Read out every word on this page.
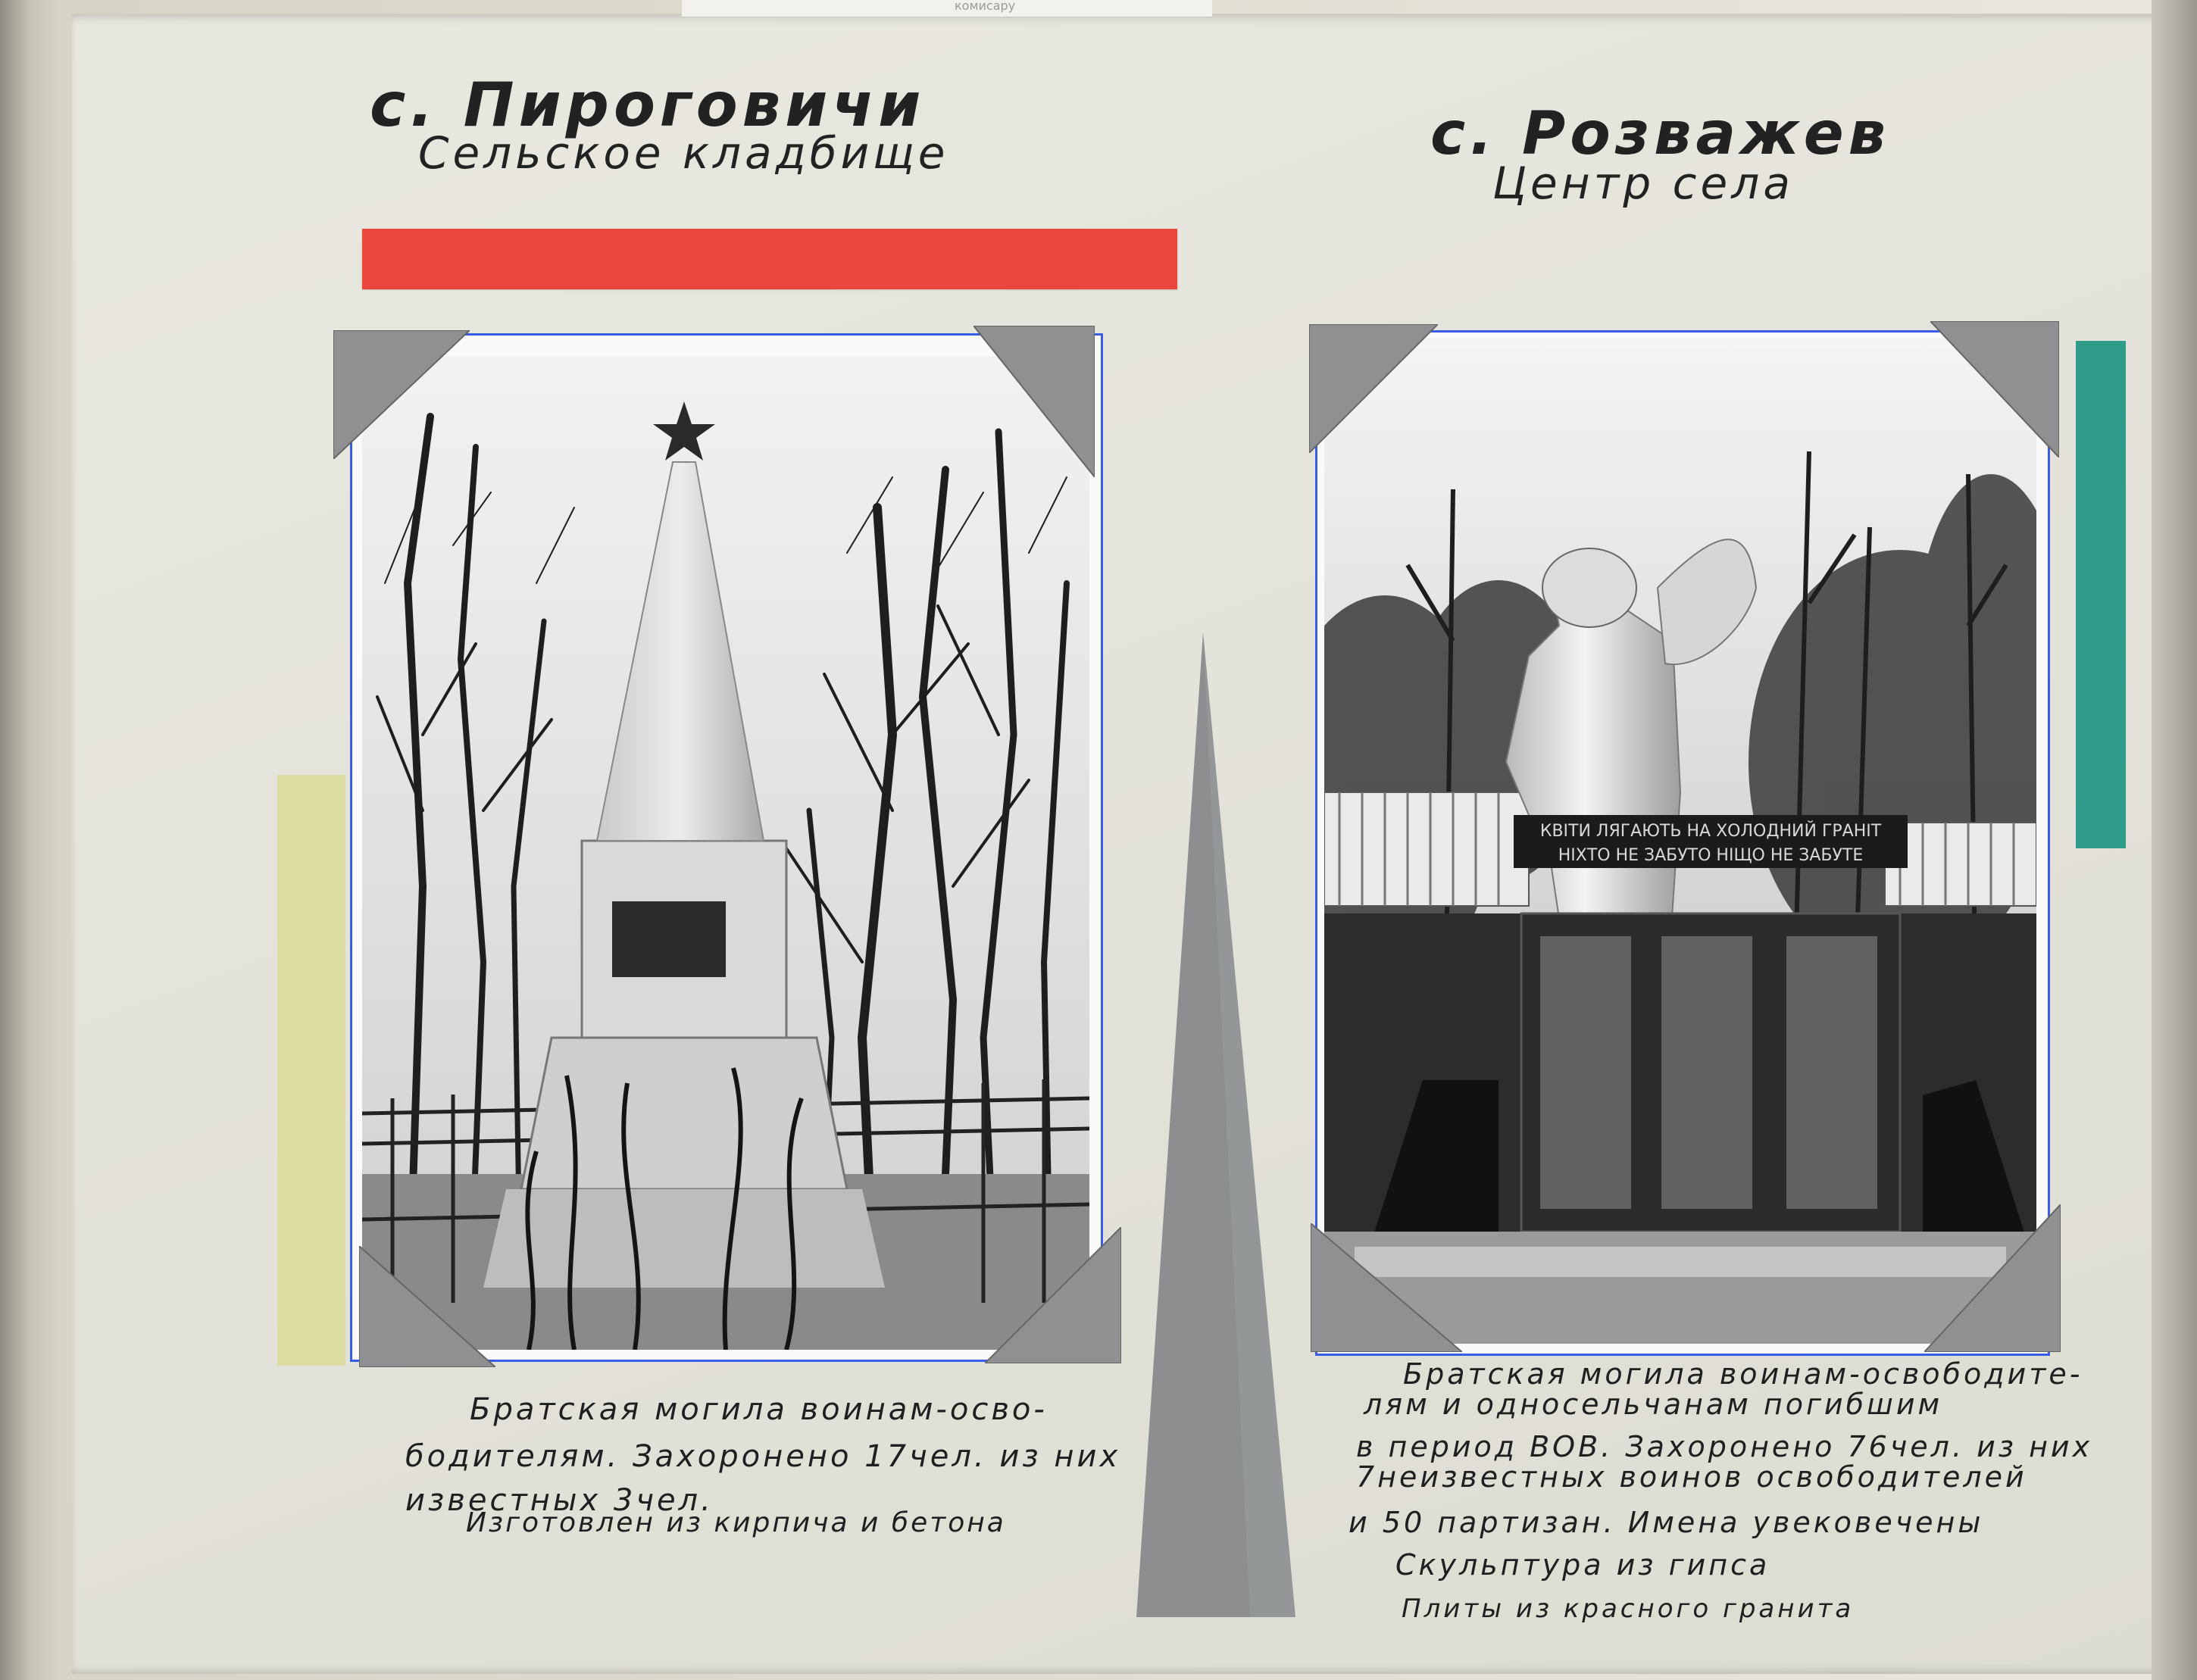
комисару
с. Пироговичи
Сельское кладбище	с. Розважев
Центр села
КВІТИ ЛЯГАЮТЬ НА ХОЛОДНИЙ ГРАНІТ
НІХТО НЕ ЗАБУТО НІЩО НЕ ЗАБУТЕ
Братская могила воинам-осво-
бодителям. Захоронено 17чел. из них
известных 3чел.
Изготовлен из кирпича и бетона
Братская могила воинам-освободите-
лям и односельчанам погибшим
в период ВОВ. Захоронено 76чел. из них
7неизвестных воинов освободителей
и 50 партизан. Имена увековечены
Скульптура из гипса
Плиты из красного гранита
